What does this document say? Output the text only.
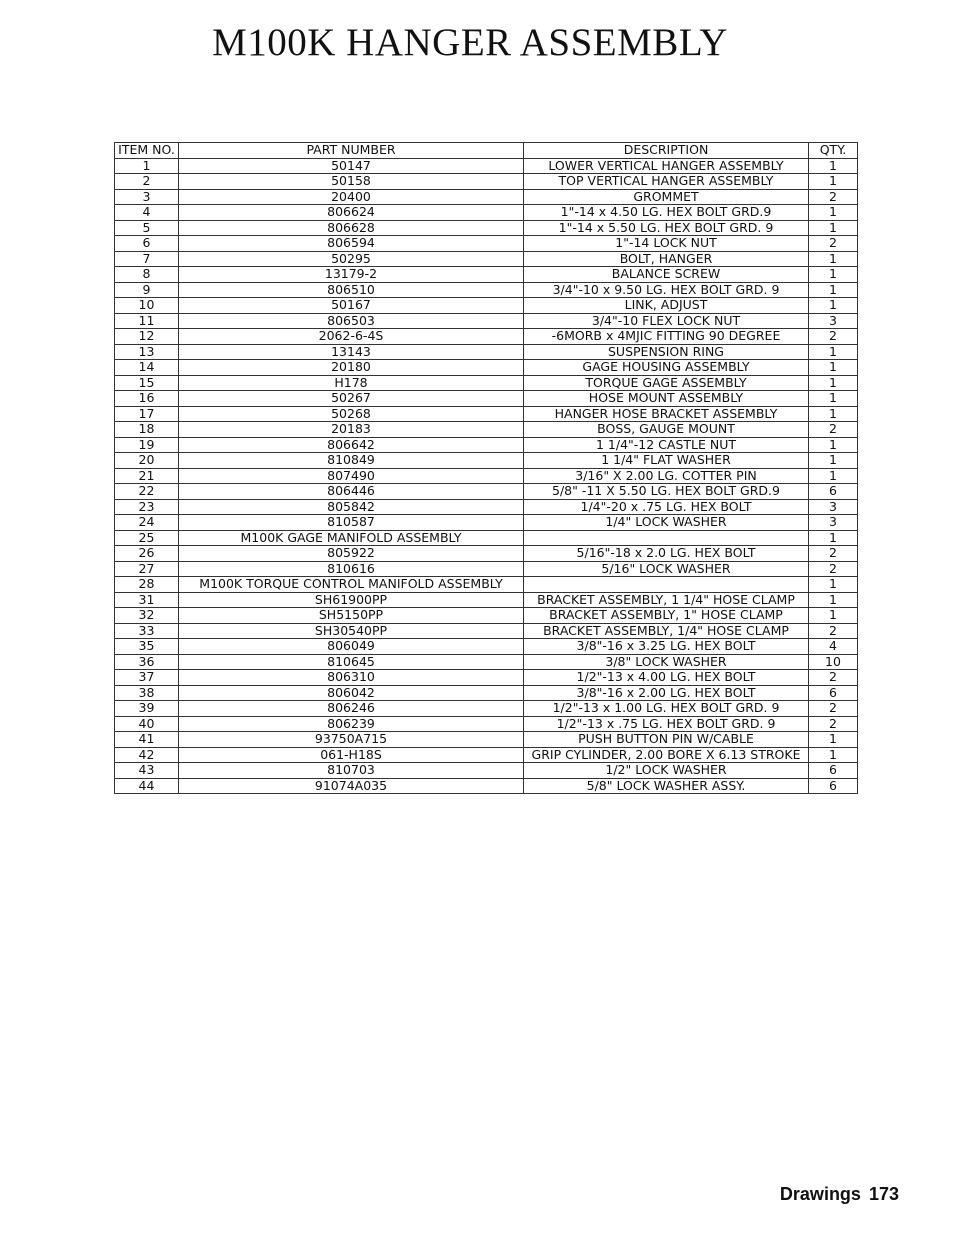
M100K HANGER ASSEMBLY
ITEM NO.	PART NUMBER	DESCRIPTION	QTY.
1	50147	LOWER VERTICAL HANGER ASSEMBLY	1
2	50158	TOP VERTICAL HANGER ASSEMBLY	1
3	20400	GROMMET	2
4	806624	1"-14 x 4.50 LG. HEX BOLT GRD.9	1
5	806628	1"-14 x 5.50 LG. HEX BOLT GRD. 9	1
6	806594	1"-14 LOCK NUT	2
7	50295	BOLT, HANGER	1
8	13179-2	BALANCE SCREW	1
9	806510	3/4"-10 x 9.50 LG. HEX BOLT GRD. 9	1
10	50167	LINK, ADJUST	1
11	806503	3/4"-10 FLEX LOCK NUT	3
12	2062-6-4S	-6MORB x 4MJIC FITTING 90 DEGREE	2
13	13143	SUSPENSION RING	1
14	20180	GAGE HOUSING ASSEMBLY	1
15	H178	TORQUE GAGE ASSEMBLY	1
16	50267	HOSE MOUNT ASSEMBLY	1
17	50268	HANGER HOSE BRACKET ASSEMBLY	1
18	20183	BOSS, GAUGE MOUNT	2
19	806642	1 1/4"-12 CASTLE NUT	1
20	810849	1 1/4" FLAT WASHER	1
21	807490	3/16" X 2.00 LG. COTTER PIN	1
22	806446	5/8" -11 X 5.50 LG. HEX BOLT GRD.9	6
23	805842	1/4"-20 x .75 LG. HEX BOLT	3
24	810587	1/4" LOCK WASHER	3
25	M100K GAGE MANIFOLD ASSEMBLY		1
26	805922	5/16"-18 x 2.0 LG. HEX BOLT	2
27	810616	5/16" LOCK WASHER	2
28	M100K TORQUE CONTROL MANIFOLD ASSEMBLY		1
31	SH61900PP	BRACKET ASSEMBLY, 1 1/4" HOSE CLAMP	1
32	SH5150PP	BRACKET ASSEMBLY, 1" HOSE CLAMP	1
33	SH30540PP	BRACKET ASSEMBLY, 1/4" HOSE CLAMP	2
35	806049	3/8"-16 x 3.25 LG. HEX BOLT	4
36	810645	3/8" LOCK WASHER	10
37	806310	1/2"-13 x 4.00 LG. HEX BOLT	2
38	806042	3/8"-16 x 2.00 LG. HEX BOLT	6
39	806246	1/2"-13 x 1.00 LG. HEX BOLT GRD. 9	2
40	806239	1/2"-13 x .75 LG. HEX BOLT GRD. 9	2
41	93750A715	PUSH BUTTON PIN W/CABLE	1
42	061-H18S	GRIP CYLINDER, 2.00 BORE X 6.13 STROKE	1
43	810703	1/2" LOCK WASHER	6
44	91074A035	5/8" LOCK WASHER ASSY.	6
Drawings 173
